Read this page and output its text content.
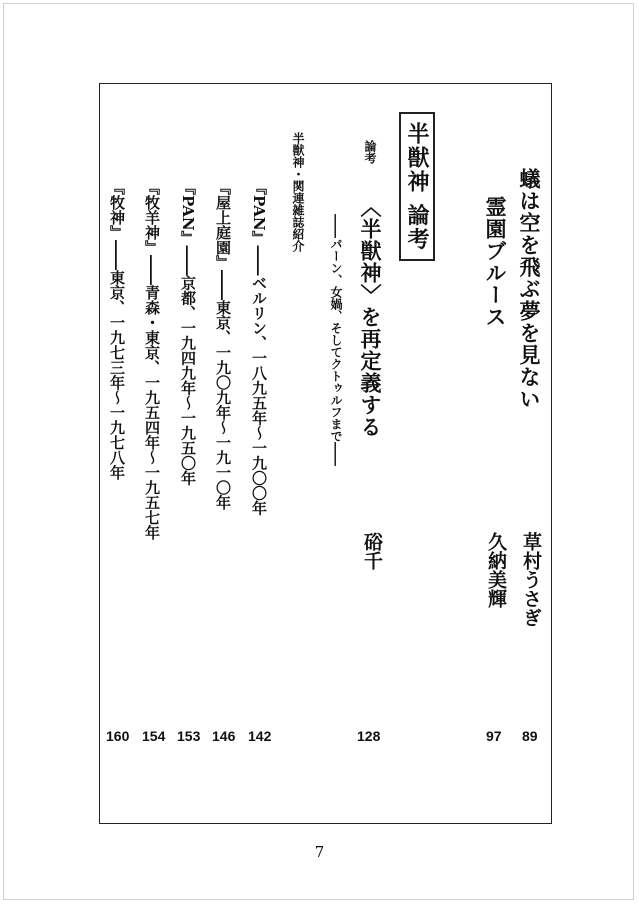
蟻は空を飛ぶ夢を見ない
草村うさぎ
89
霊園ブルース
久納美輝
97
半獣神 論考
論考
〈半獣神〉を再定義する
――パーン、女媧、そしてクトゥルフまで――
硲千
128
半獣神・関連雑誌紹介
『PAN』――ベルリン、一八九五年～一九〇〇年
142
『屋上庭園』――東京、一九〇九年～一九一〇年
146
『PAN』――京都、一九四九年～一九五〇年
153
『牧羊神』――青森・東京、一九五四年～一九五七年
154
『牧神』――東京、一九七三年～一九七八年
160
7
